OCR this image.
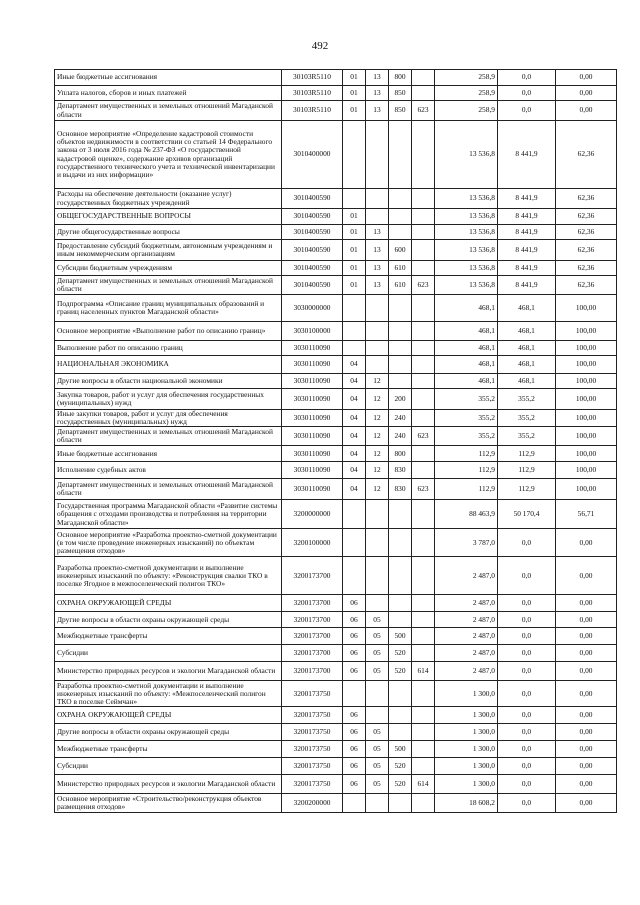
492
Иные бюджетные ассигнования	30103R5110	01	13	800		258,9	0,0	0,00
Уплата налогов, сборов и иных платежей	30103R5110	01	13	850		258,9	0,0	0,00
Департамент имущественных и земельных отношений Магаданской области	30103R5110	01	13	850	623	258,9	0,0	0,00
Основное мероприятие «Определение кадастровой стоимости объектов недвижимости в соответствии со статьей 14 Федерального закона от 3 июля 2016 года № 237-ФЗ «О государственной кадастровой оценке», содержание архивов организаций государственного технического учета и технической инвентаризации и выдачи из них информации»	3010400000					13 536,8	8 441,9	62,36
Расходы на обеспечение деятельности (оказание услуг) государственных бюджетных учреждений	3010400590					13 536,8	8 441,9	62,36
ОБЩЕГОСУДАРСТВЕННЫЕ ВОПРОСЫ	3010400590	01				13 536,8	8 441,9	62,36
Другие общегосударственные вопросы	3010400590	01	13			13 536,8	8 441,9	62,36
Предоставление субсидий бюджетным, автономным учреждениям и иным некоммерческим организациям	3010400590	01	13	600		13 536,8	8 441,9	62,36
Субсидии бюджетным учреждениям	3010400590	01	13	610		13 536,8	8 441,9	62,36
Департамент имущественных и земельных отношений Магаданской области	3010400590	01	13	610	623	13 536,8	8 441,9	62,36
Подпрограмма «Описание границ муниципальных образований и границ населенных пунктов Магаданской области»	3030000000					468,1	468,1	100,00
Основное мероприятие «Выполнение работ по описанию границ»	3030100000					468,1	468,1	100,00
Выполнение работ по описанию границ	3030110090					468,1	468,1	100,00
НАЦИОНАЛЬНАЯ ЭКОНОМИКА	3030110090	04				468,1	468,1	100,00
Другие вопросы в области национальной экономики	3030110090	04	12			468,1	468,1	100,00
Закупка товаров, работ и услуг для обеспечения государственных (муниципальных) нужд	3030110090	04	12	200		355,2	355,2	100,00
Иные закупки товаров, работ и услуг для обеспечения государственных (муниципальных) нужд	3030110090	04	12	240		355,2	355,2	100,00
Департамент имущественных и земельных отношений Магаданской области	3030110090	04	12	240	623	355,2	355,2	100,00
Иные бюджетные ассигнования	3030110090	04	12	800		112,9	112,9	100,00
Исполнение судебных актов	3030110090	04	12	830		112,9	112,9	100,00
Департамент имущественных и земельных отношений Магаданской области	3030110090	04	12	830	623	112,9	112,9	100,00
Государственная программа Магаданской области «Развитие системы обращения с отходами производства и потребления на территории Магаданской области»	3200000000					88 463,9	50 170,4	56,71
Основное мероприятие «Разработка проектно-сметной документации (в том числе проведение инженерных изысканий) по объектам размещения отходов»	3200100000					3 787,0	0,0	0,00
Разработка проектно-сметной документации и выполнение инженерных изысканий по объекту: «Реконструкция свалки ТКО в поселке Ягодное в межпоселенческий полигон ТКО»	3200173700					2 487,0	0,0	0,00
ОХРАНА ОКРУЖАЮЩЕЙ СРЕДЫ	3200173700	06				2 487,0	0,0	0,00
Другие вопросы в области охраны окружающей среды	3200173700	06	05			2 487,0	0,0	0,00
Межбюджетные трансферты	3200173700	06	05	500		2 487,0	0,0	0,00
Субсидии	3200173700	06	05	520		2 487,0	0,0	0,00
Министерство природных ресурсов и экологии Магаданской области	3200173700	06	05	520	614	2 487,0	0,0	0,00
Разработка проектно-сметной документации и выполнение инженерных изысканий по объекту: «Межпоселенческий полигон ТКО в поселке Сеймчан»	3200173750					1 300,0	0,0	0,00
ОХРАНА ОКРУЖАЮЩЕЙ СРЕДЫ	3200173750	06				1 300,0	0,0	0,00
Другие вопросы в области охраны окружающей среды	3200173750	06	05			1 300,0	0,0	0,00
Межбюджетные трансферты	3200173750	06	05	500		1 300,0	0,0	0,00
Субсидии	3200173750	06	05	520		1 300,0	0,0	0,00
Министерство природных ресурсов и экологии Магаданской области	3200173750	06	05	520	614	1 300,0	0,0	0,00
Основное мероприятие «Строительство/реконструкция объектов размещения отходов»	3200200000					18 608,2	0,0	0,00
